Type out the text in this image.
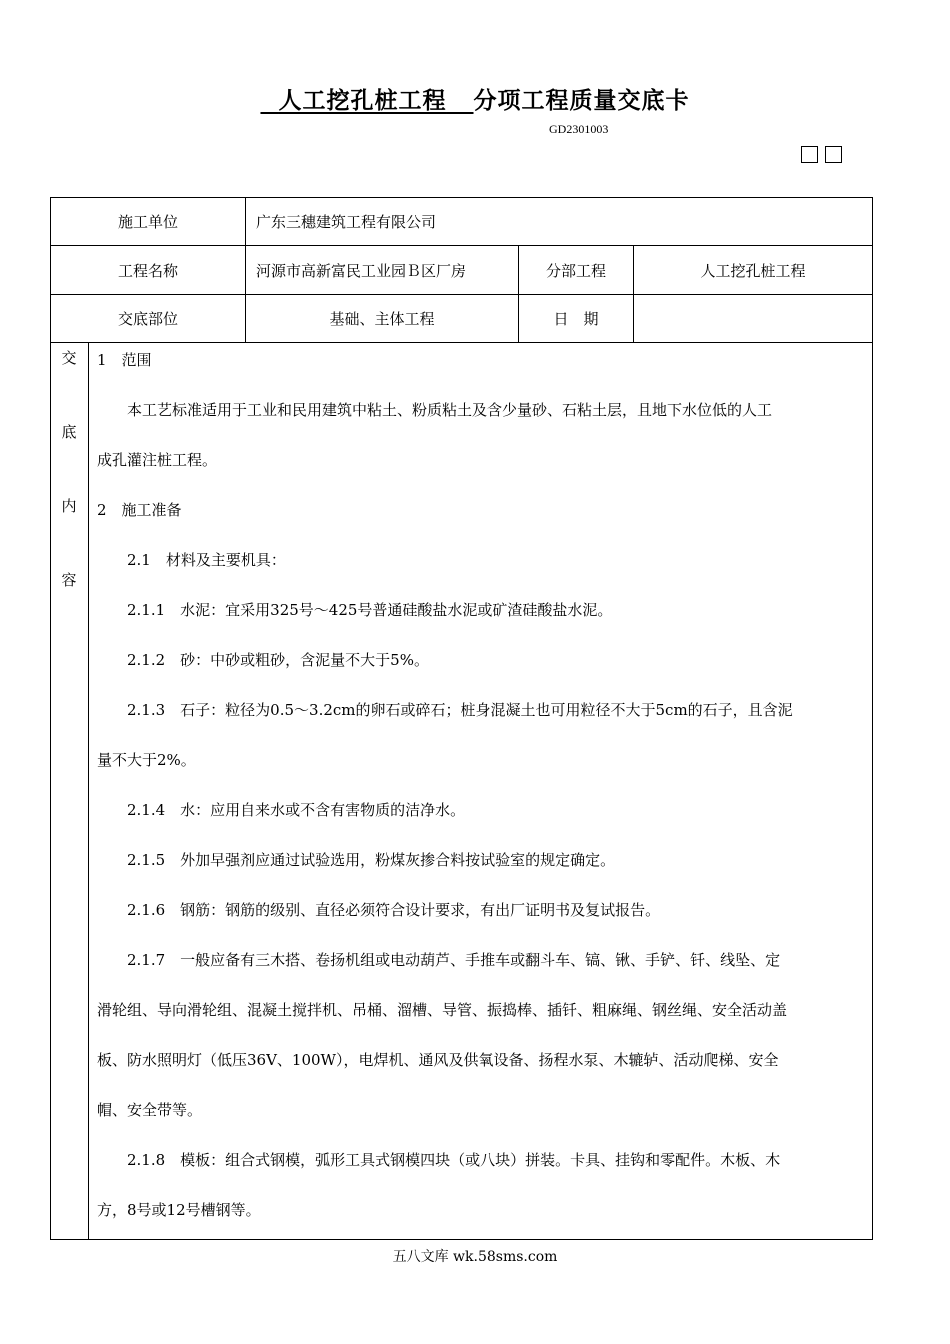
人工挖孔桩工程 分项工程质量交底卡
GD2301003
施工单位	广东三穗建筑工程有限公司
工程名称	河源市高新富民工业园Ｂ区厂房	分部工程	人工挖孔桩工程
交底部位	基础、主体工程	日　期
交
底
内
容
1　范围
　　本工艺标准适用于工业和民用建筑中粘土、粉质粘土及含少量砂、石粘土层，且地下水位低的人工
成孔灌注桩工程。
2　施工准备
　　2.1　材料及主要机具：
　　2.1.1　水泥：宜采用325号～425号普通硅酸盐水泥或矿渣硅酸盐水泥。
　　2.1.2　砂：中砂或粗砂，含泥量不大于5%。
　　2.1.3　石子：粒径为0.5～3.2cm的卵石或碎石；桩身混凝土也可用粒径不大于5cm的石子，且含泥
量不大于2%。
　　2.1.4　水：应用自来水或不含有害物质的洁净水。
　　2.1.5　外加早强剂应通过试验选用，粉煤灰掺合料按试验室的规定确定。
　　2.1.6　钢筋：钢筋的级别、直径必须符合设计要求，有出厂证明书及复试报告。
　　2.1.7　一般应备有三木搭、卷扬机组或电动葫芦、手推车或翻斗车、镐、锹、手铲、钎、线坠、定
滑轮组、导向滑轮组、混凝土搅拌机、吊桶、溜槽、导管、振捣棒、插钎、粗麻绳、钢丝绳、安全活动盖
板、防水照明灯（低压36V、100W），电焊机、通风及供氧设备、扬程水泵、木辘轳、活动爬梯、安全
帽、安全带等。
　　2.1.8　模板：组合式钢模，弧形工具式钢模四块（或八块）拼装。卡具、挂钩和零配件。木板、木
方，8号或12号槽钢等。
五八文库 wk.58sms.com
